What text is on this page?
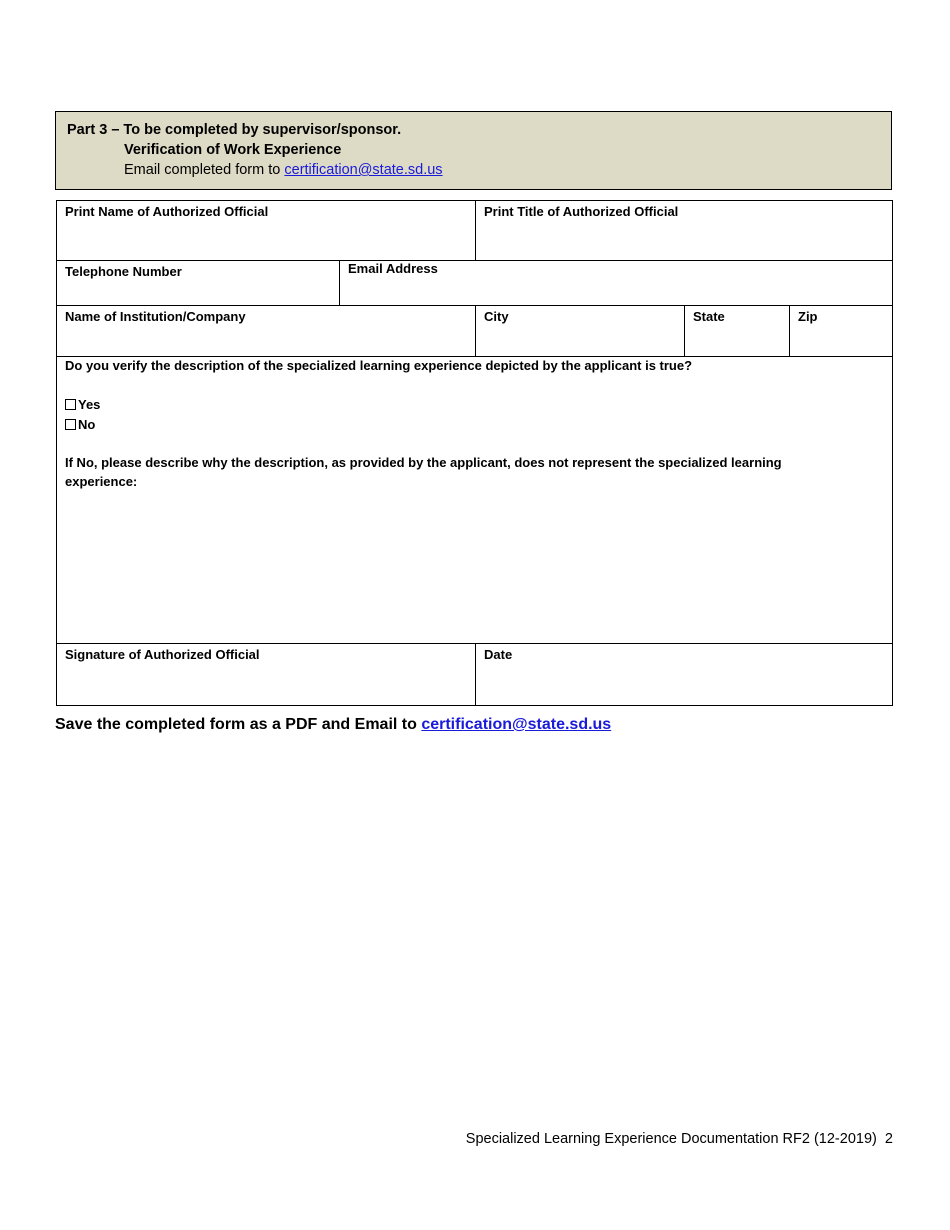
Part 3 – To be completed by supervisor/sponsor.
Verification of Work Experience
Email completed form to certification@state.sd.us
Print Name of Authorized Official	Print Title of Authorized Official
Telephone Number	Email Address
Name of Institution/Company	City	State	Zip
Do you verify the description of the specialized learning experience depicted by the applicant is true?
Yes
No
If No, please describe why the description, as provided by the applicant, does not represent the specialized learning experience:
Signature of Authorized Official	Date
Save the completed form as a PDF and Email to certification@state.sd.us
Specialized Learning Experience Documentation RF2 (12-2019) 2
